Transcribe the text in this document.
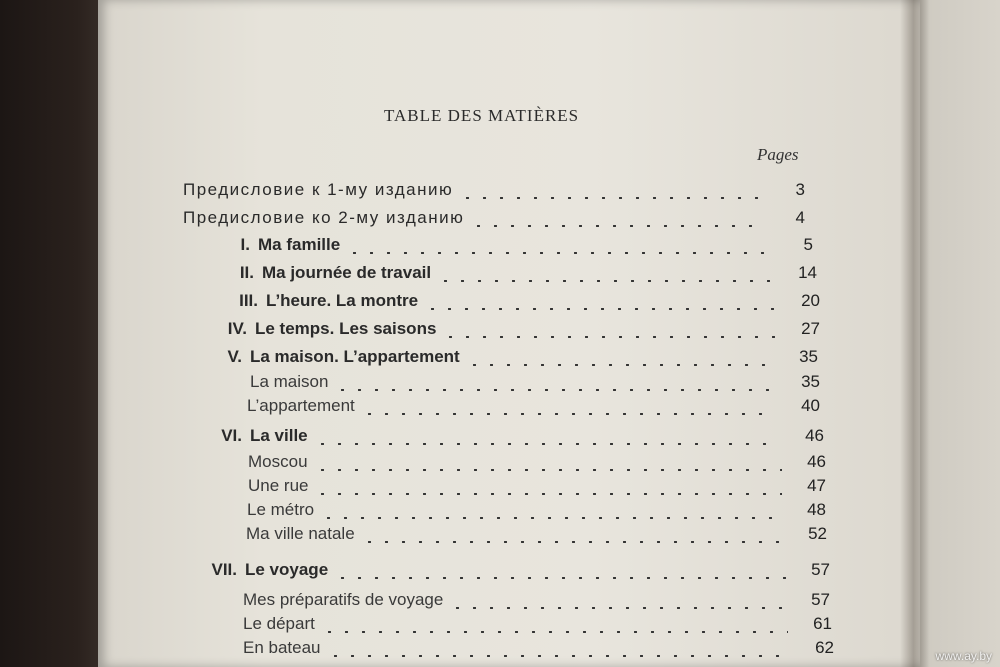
TABLE DES MATIÈRES
Pages
Предисловие к 1-му изданию	3
Предисловие ко 2-му изданию	4
I. Ma famille	5
II. Ma journée de travail	14
III. L’heure. La montre	20
IV. Le temps. Les saisons	27
V. La maison. L’appartement	35
La maison	35
L’appartement	40
VI. La ville	46
Moscou	46
Une rue	47
Le métro	48
Ma ville natale	52
VII. Le voyage	57
Mes préparatifs de voyage	57
Le départ	61
En bateau	62	www.ay.by
